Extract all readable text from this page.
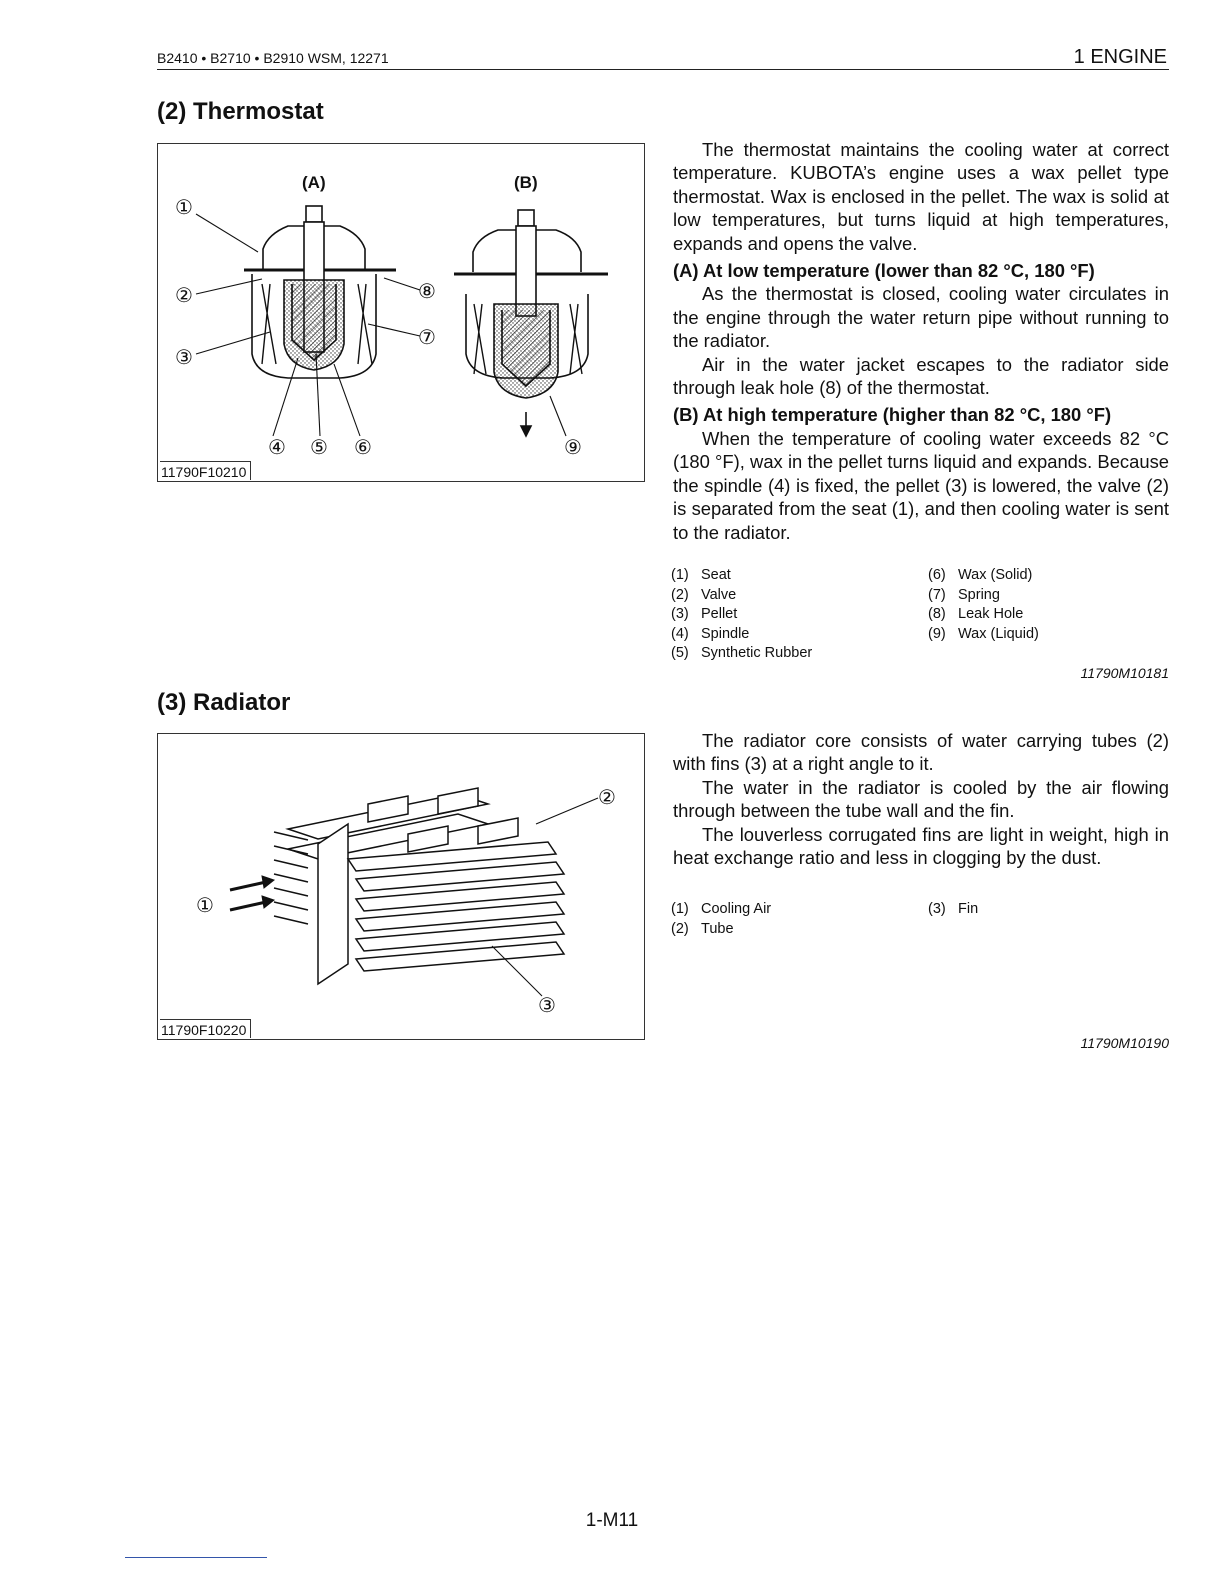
B2410 • B2710 • B2910 WSM, 12271	1 ENGINE
(2) Thermostat
①
②
③
④ ⑤ ⑥
⑦
⑧
⑨
(A)	(B)
11790F10210

The thermostat maintains the cooling water at correct temperature. KUBOTA’s engine uses a wax pellet type thermostat. Wax is enclosed in the pellet. The wax is solid at low temperatures, but turns liquid at high temperatures, expands and opens the valve.

(A) At low temperature (lower than 82 °C, 180 °F)

As the thermostat is closed, cooling water circulates in the engine through the water return pipe without running to the radiator.

Air in the water jacket escapes to the radiator side through leak hole (8) of the thermostat.

(B) At high temperature (higher than 82 °C, 180 °F)

When the temperature of cooling water exceeds 82 °C (180 °F), wax in the pellet turns liquid and expands. Because the spindle (4) is fixed, the pellet (3) is lowered, the valve (2) is separated from the seat (1), and then cooling water is sent to the radiator.

(1) Seat	(6) Wax (Solid)
(2) Valve	(7) Spring
(3) Pellet	(8) Leak Hole
(4) Spindle	(9) Wax (Liquid)
(5) Synthetic Rubber
11790M10181
(3) Radiator
①
②
③
11790F10220

The radiator core consists of water carrying tubes (2) with fins (3) at a right angle to it.

The water in the radiator is cooled by the air flowing through between the tube wall and the fin.

The louverless corrugated fins are light in weight, high in heat exchange ratio and less in clogging by the dust.

(1) Cooling Air	(3) Fin
(2) Tube
11790M10190
1-M11
